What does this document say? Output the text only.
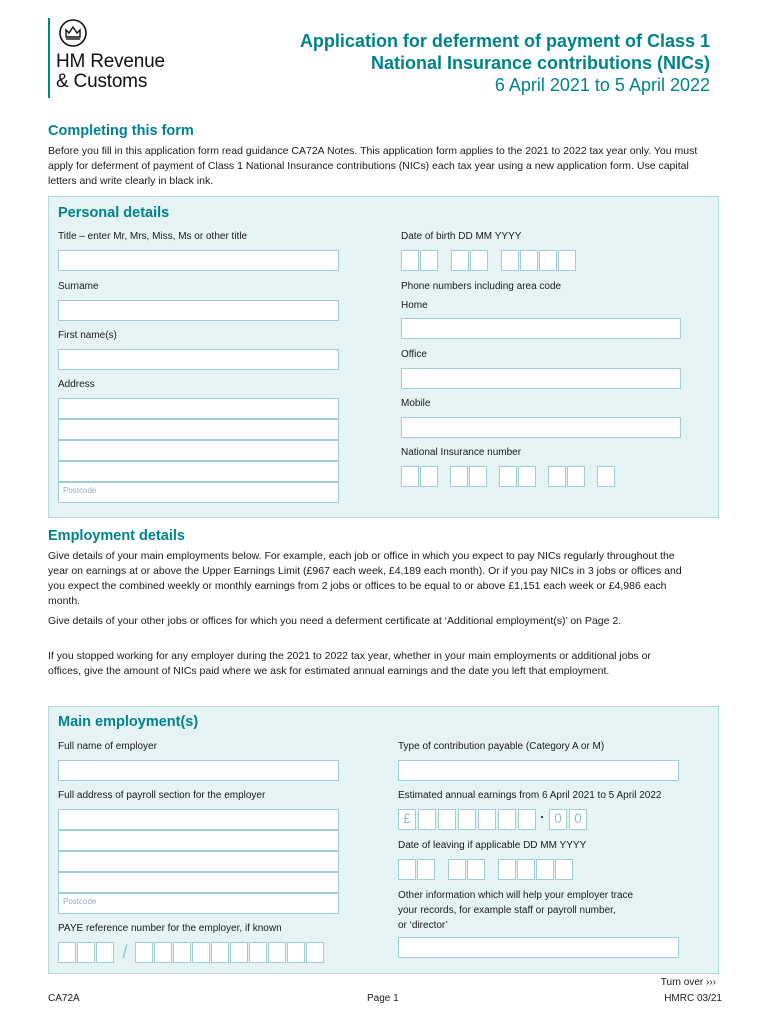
HM Revenue
& Customs
Application for deferment of payment of Class 1
National Insurance contributions (NICs)
6 April 2021 to 5 April 2022
Completing this form

Before you fill in this application form read guidance CA72A Notes. This application form applies to the 2021 to 2022 tax year only. You must apply for deferment of payment of Class 1 National Insurance contributions (NICs) each tax year using a new application form. Use capital letters and write clearly in black ink.

Personal details
Title – enter Mr, Mrs, Miss, Ms or other title
Surname
First name(s)
Address
Postcode
Date of birth DD MM YYYY
Phone numbers including area code
Home
Office
Mobile
National Insurance number
Employment details

Give details of your main employments below. For example, each job or office in which you expect to pay NICs regularly throughout the year on earnings at or above the Upper Earnings Limit (£967 each week, £4,189 each month). Or if you pay NICs in 3 jobs or offices and you expect the combined weekly or monthly earnings from 2 jobs or offices to be equal to or above £1,151 each week or £4,986 each month.

Give details of your other jobs or offices for which you need a deferment certificate at ‘Additional employment(s)’ on Page 2.

If you stopped working for any employer during the 2021 to 2022 tax year, whether in your main employments or additional jobs or offices, give the amount of NICs paid where we ask for estimated annual earnings and the date you left that employment.

Main employment(s)
Full name of employer
Full address of payroll section for the employer
Postcode
PAYE reference number for the employer, if known
/
Type of contribution payable (Category A or M)
Estimated annual earnings from 6 April 2021 to 5 April 2022
£	· 0 0
Date of leaving if applicable DD MM YYYY
Other information which will help your employer trace
your records, for example staff or payroll number,
or ‘director’
Turn over ›››
CA72A	Page 1	HMRC 03/21
